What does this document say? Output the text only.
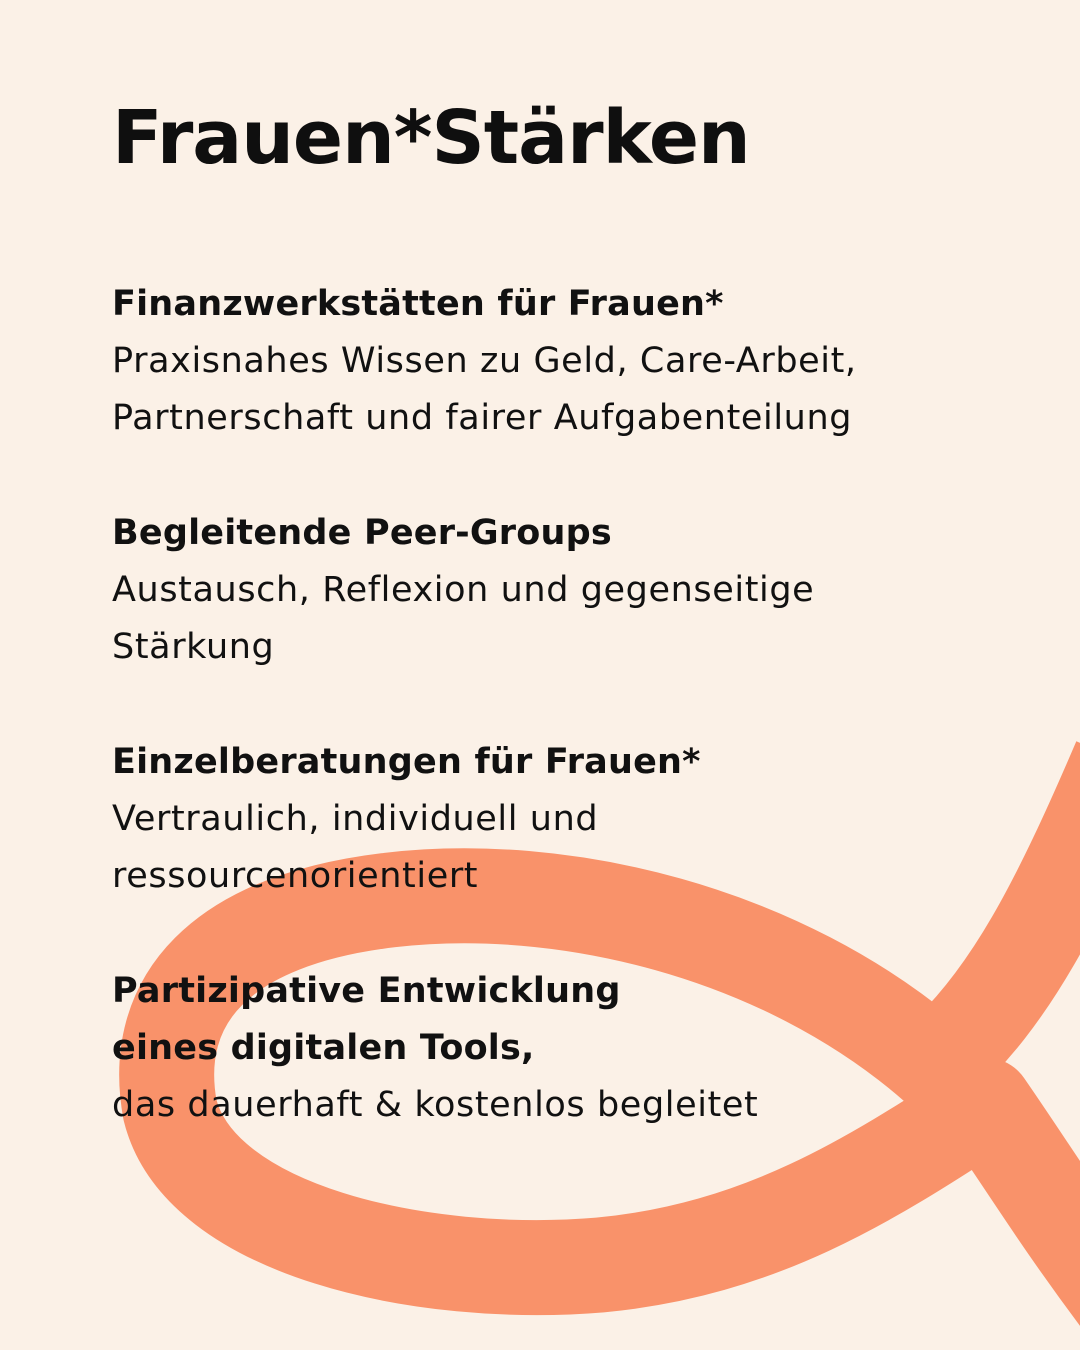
Frauen*Stärken
Finanzwerkstätten für Frauen*
Praxisnahes Wissen zu Geld, Care-Arbeit,
Partnerschaft und fairer Aufgabenteilung
Begleitende Peer-Groups
Austausch, Reflexion und gegenseitige
Stärkung
Einzelberatungen für Frauen*
Vertraulich, individuell und
ressourcenorientiert
Partizipative Entwicklung
eines digitalen Tools,
das dauerhaft & kostenlos begleitet
